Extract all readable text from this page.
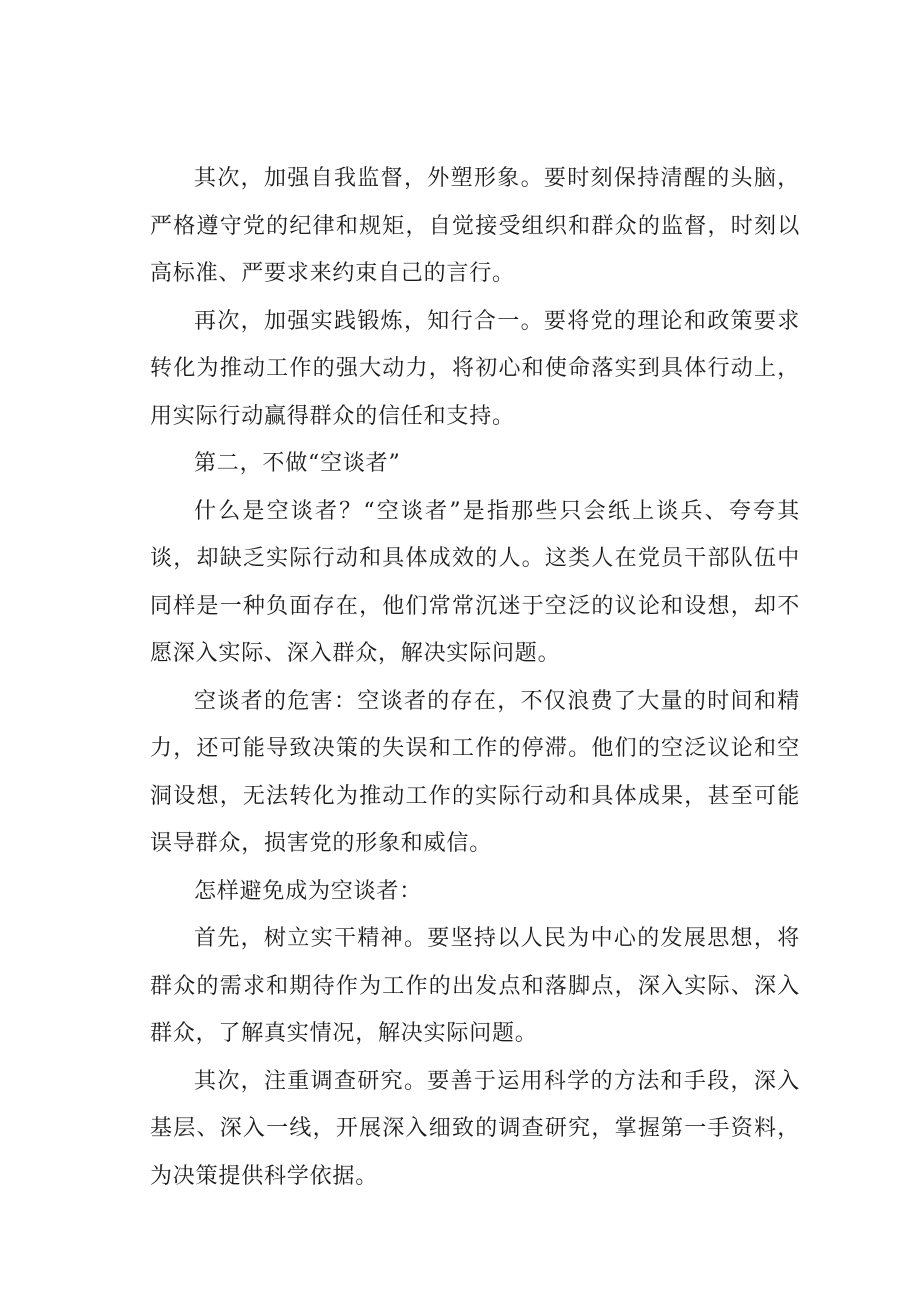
其次，加强自我监督，外塑形象。要时刻保持清醒的头脑，严格遵守党的纪律和规矩，自觉接受组织和群众的监督，时刻以高标准、严要求来约束自己的言行。

再次，加强实践锻炼，知行合一。要将党的理论和政策要求转化为推动工作的强大动力，将初心和使命落实到具体行动上，用实际行动赢得群众的信任和支持。

第二，不做“空谈者”

什么是空谈者？“空谈者”是指那些只会纸上谈兵、夸夸其谈，却缺乏实际行动和具体成效的人。这类人在党员干部队伍中同样是一种负面存在，他们常常沉迷于空泛的议论和设想，却不愿深入实际、深入群众，解决实际问题。

空谈者的危害：空谈者的存在，不仅浪费了大量的时间和精力，还可能导致决策的失误和工作的停滞。他们的空泛议论和空洞设想，无法转化为推动工作的实际行动和具体成果，甚至可能误导群众，损害党的形象和威信。

怎样避免成为空谈者：

首先，树立实干精神。要坚持以人民为中心的发展思想，将群众的需求和期待作为工作的出发点和落脚点，深入实际、深入群众，了解真实情况，解决实际问题。

其次，注重调查研究。要善于运用科学的方法和手段，深入基层、深入一线，开展深入细致的调查研究，掌握第一手资料，为决策提供科学依据。
